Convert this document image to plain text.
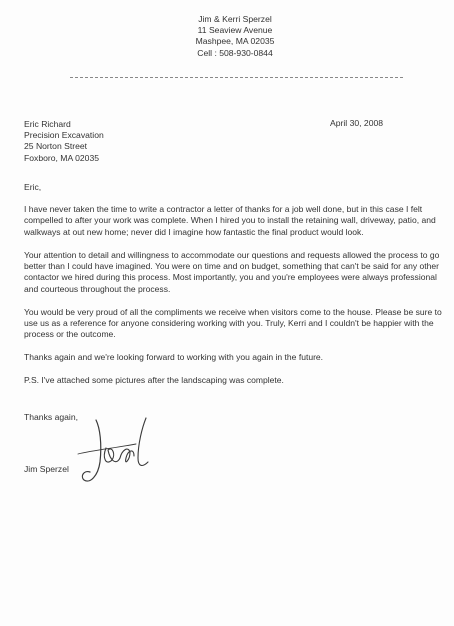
Jim & Kerri Sperzel
11 Seaview Avenue
Mashpee, MA 02035
Cell : 508-930-0844
April 30, 2008
Eric Richard
Precision Excavation
25 Norton Street
Foxboro, MA 02035
Eric,

I have never taken the time to write a contractor a letter of thanks for a job well done, but in this case I felt compelled to after your work was complete. When I hired you to install the retaining wall, driveway, patio, and walkways at out new home; never did I imagine how fantastic the final product would look.

Your attention to detail and willingness to accommodate our questions and requests allowed the process to go better than I could have imagined. You were on time and on budget, something that can't be said for any other contactor we hired during this process. Most importantly, you and you're employees were always professional and courteous throughout the process.

You would be very proud of all the compliments we receive when visitors come to the house. Please be sure to use us as a reference for anyone considering working with you. Truly, Kerri and I couldn't be happier with the process or the outcome.

Thanks again and we're looking forward to working with you again in the future.

P.S. I've attached some pictures after the landscaping was complete.

Thanks again,
Jim Sperzel
